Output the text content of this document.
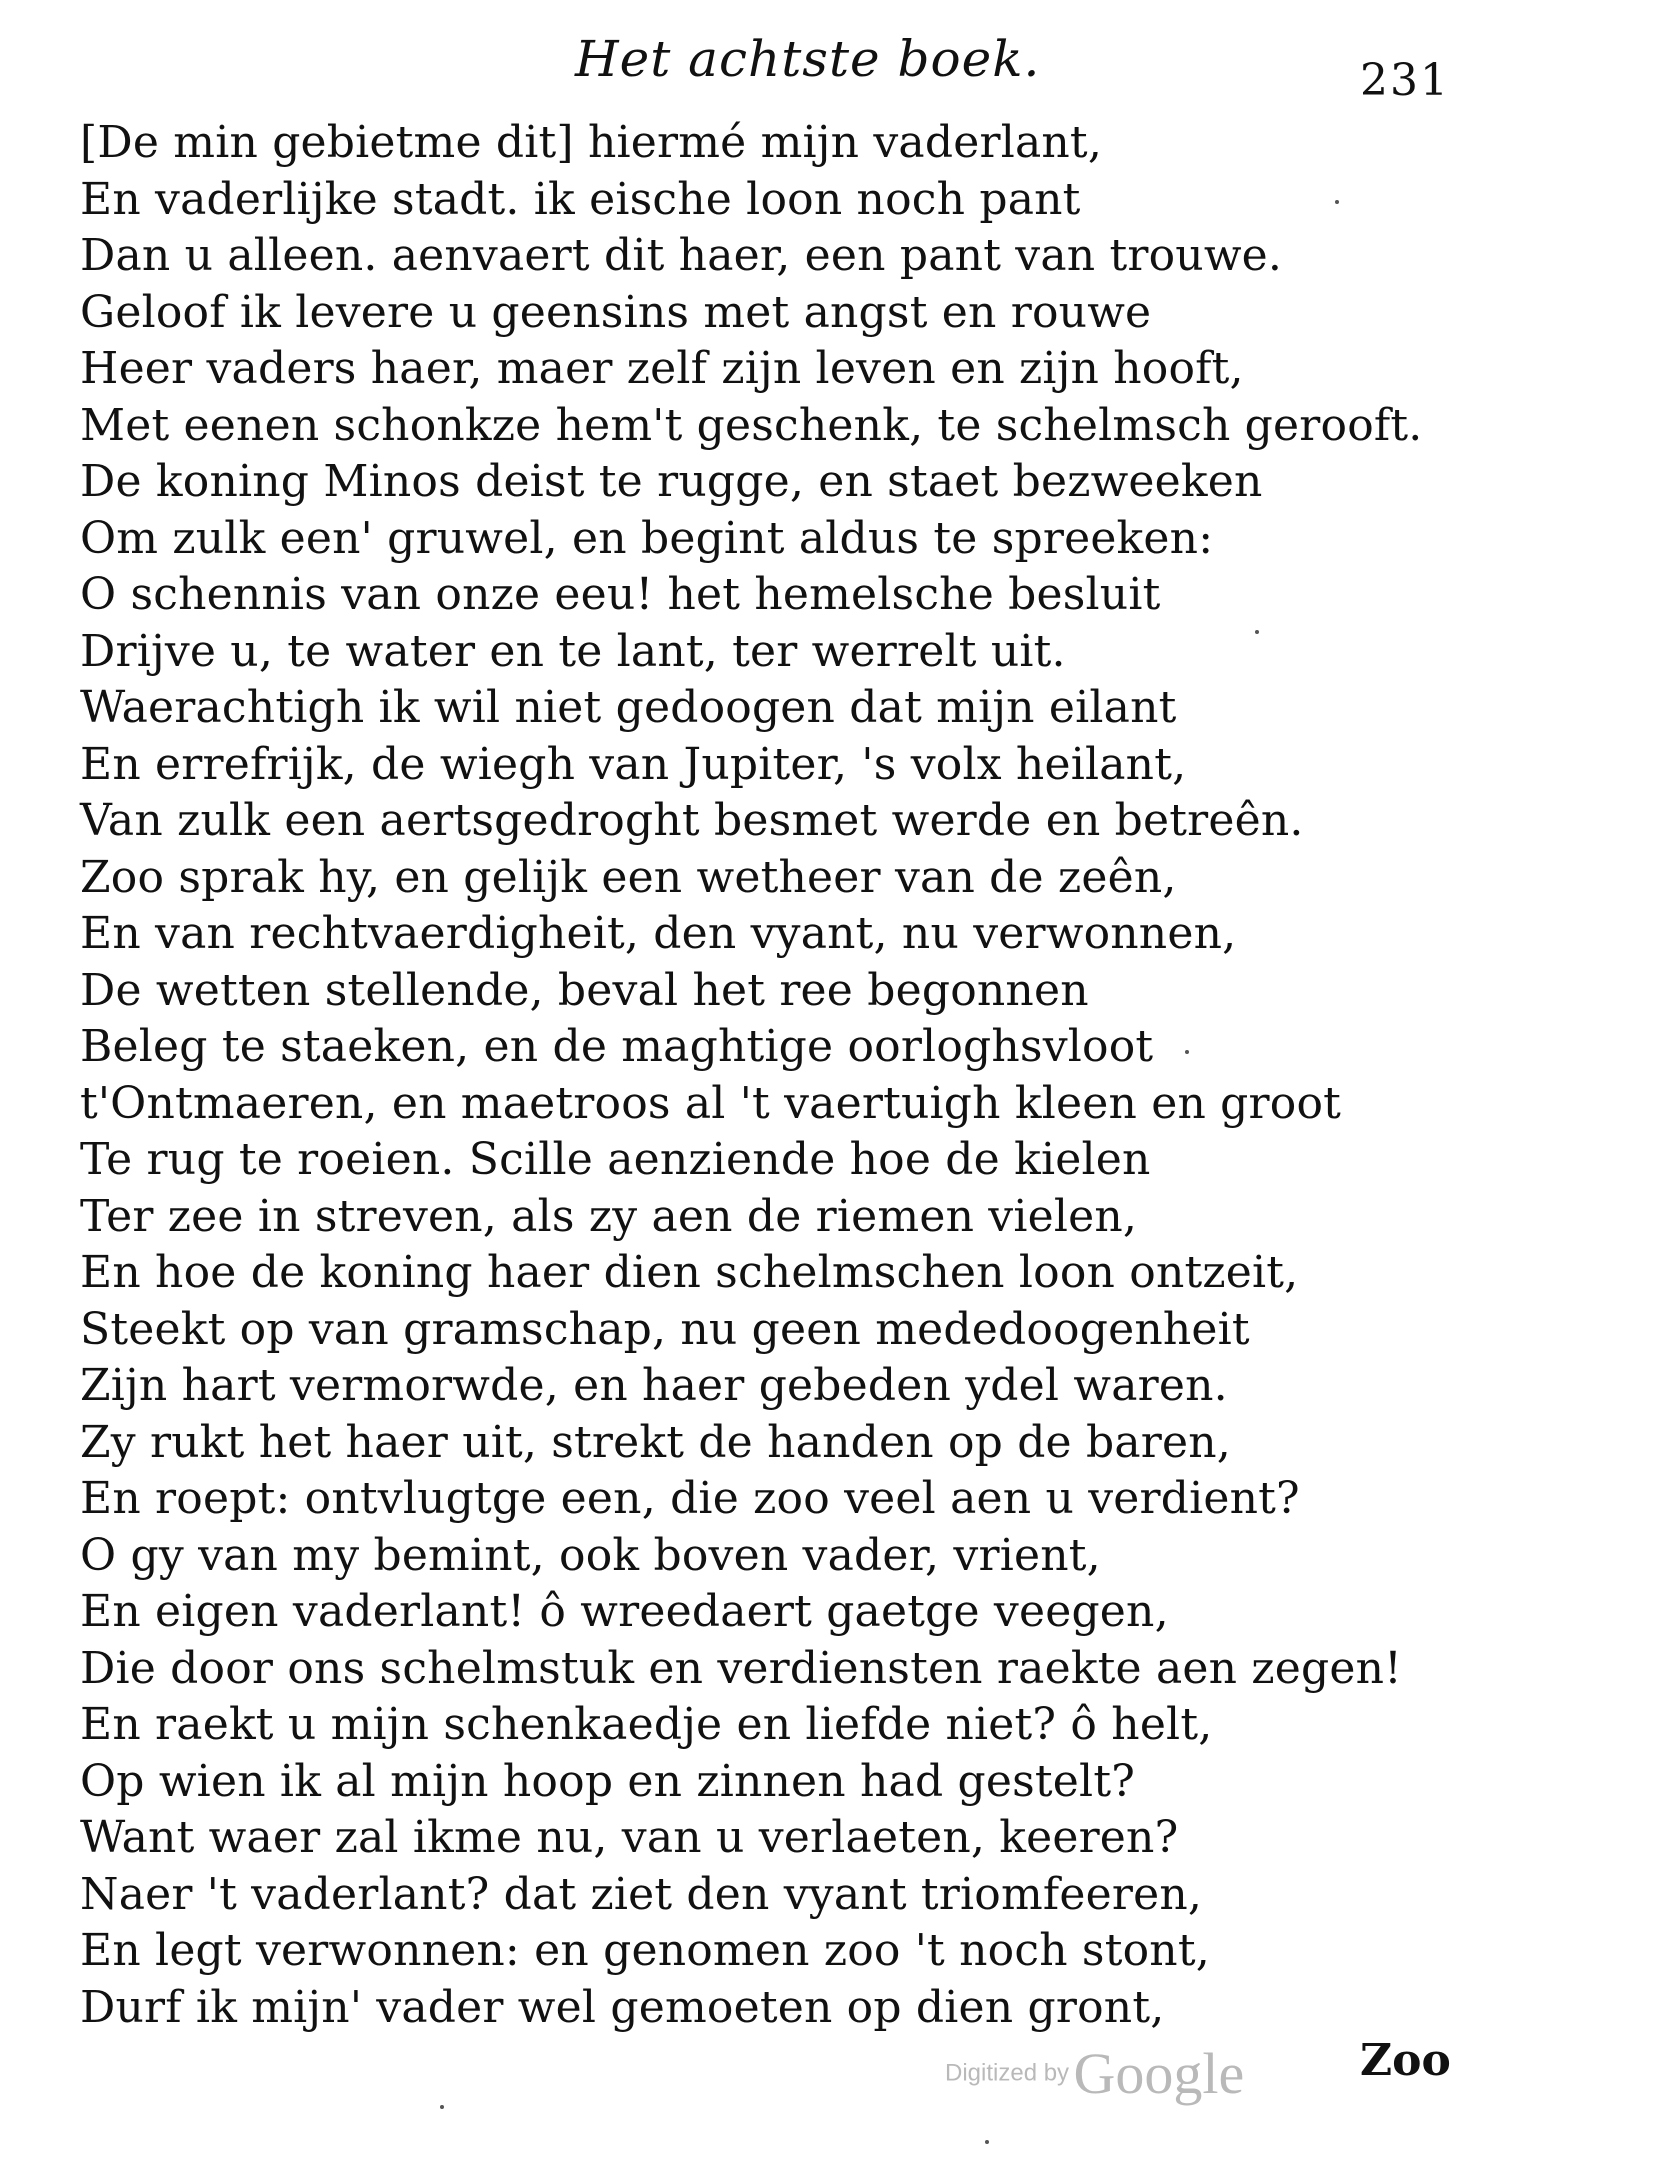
Het achtste boek.	231
[De min gebietme dit] hiermé mijn vaderlant,
En vaderlijke stadt. ik eische loon noch pant
Dan u alleen. aenvaert dit haer, een pant van trouwe.
Geloof ik levere u geensins met angst en rouwe
Heer vaders haer, maer zelf zijn leven en zijn hooft,
Met eenen schonkze hem't geschenk, te schelmsch gerooft.
De koning Minos deist te rugge, en staet bezweeken
Om zulk een' gruwel, en begint aldus te spreeken:
O schennis van onze eeu! het hemelsche besluit
Drijve u, te water en te lant, ter werrelt uit.
Waerachtigh ik wil niet gedoogen dat mijn eilant
En errefrijk, de wiegh van Jupiter, 's volx heilant,
Van zulk een aertsgedroght besmet werde en betreên.
Zoo sprak hy, en gelijk een wetheer van de zeên,
En van rechtvaerdigheit, den vyant, nu verwonnen,
De wetten stellende, beval het ree begonnen
Beleg te staeken, en de maghtige oorloghsvloot
t'Ontmaeren, en maetroos al 't vaertuigh kleen en groot
Te rug te roeien. Scille aenziende hoe de kielen
Ter zee in streven, als zy aen de riemen vielen,
En hoe de koning haer dien schelmschen loon ontzeit,
Steekt op van gramschap, nu geen mededoogenheit
Zijn hart vermorwde, en haer gebeden ydel waren.
Zy rukt het haer uit, strekt de handen op de baren,
En roept: ontvlugtge een, die zoo veel aen u verdient?
O gy van my bemint, ook boven vader, vrient,
En eigen vaderlant! ô wreedaert gaetge veegen,
Die door ons schelmstuk en verdiensten raekte aen zegen!
En raekt u mijn schenkaedje en liefde niet? ô helt,
Op wien ik al mijn hoop en zinnen had gestelt?
Want waer zal ikme nu, van u verlaeten, keeren?
Naer 't vaderlant? dat ziet den vyant triomfeeren,
En legt verwonnen: en genomen zoo 't noch stont,
Durf ik mijn' vader wel gemoeten op dien gront,
Digitized by Google	Zoo
